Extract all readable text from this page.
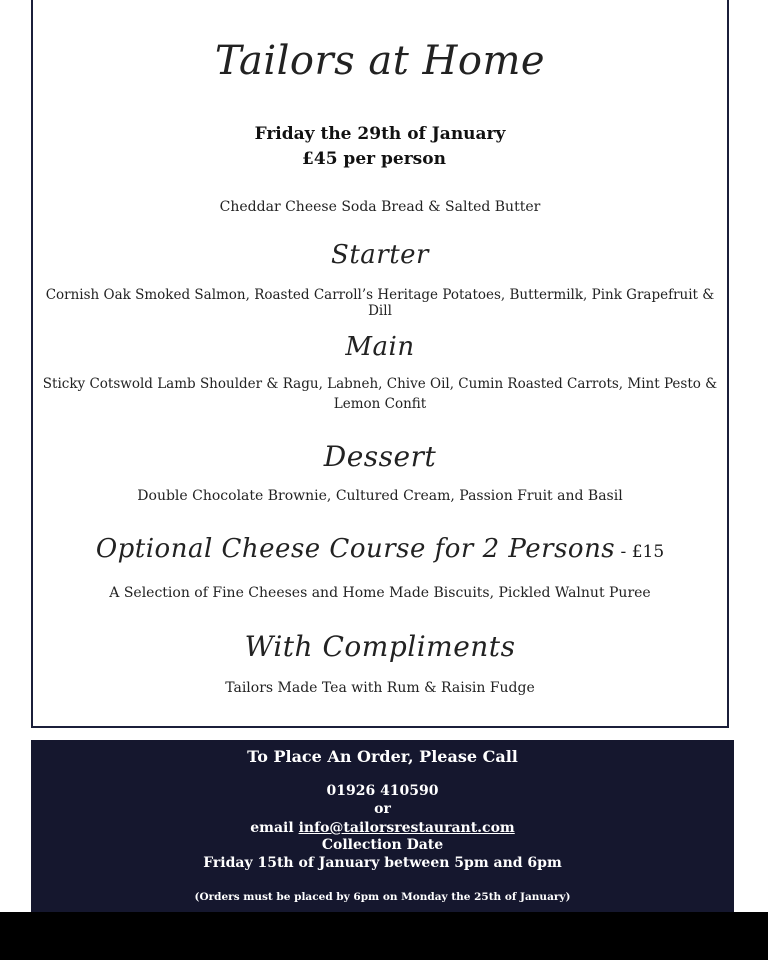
Tailors at Home
Friday the 29th of January
£45 per person
Cheddar Cheese Soda Bread & Salted Butter
Starter
Cornish Oak Smoked Salmon, Roasted Carroll’s Heritage Potatoes, Buttermilk, Pink Grapefruit & Dill
Main
Sticky Cotswold Lamb Shoulder & Ragu, Labneh, Chive Oil, Cumin Roasted Carrots, Mint Pesto &
Lemon Confit
Dessert
Double Chocolate Brownie, Cultured Cream, Passion Fruit and Basil
Optional Cheese Course for 2 Persons - £15
A Selection of Fine Cheeses and Home Made Biscuits, Pickled Walnut Puree
With Compliments
Tailors Made Tea with Rum & Raisin Fudge
To Place An Order, Please Call
01926 410590
or
email info@tailorsrestaurant.com
Collection Date
Friday 15th of January between 5pm and 6pm
(Orders must be placed by 6pm on Monday the 25th of January)
